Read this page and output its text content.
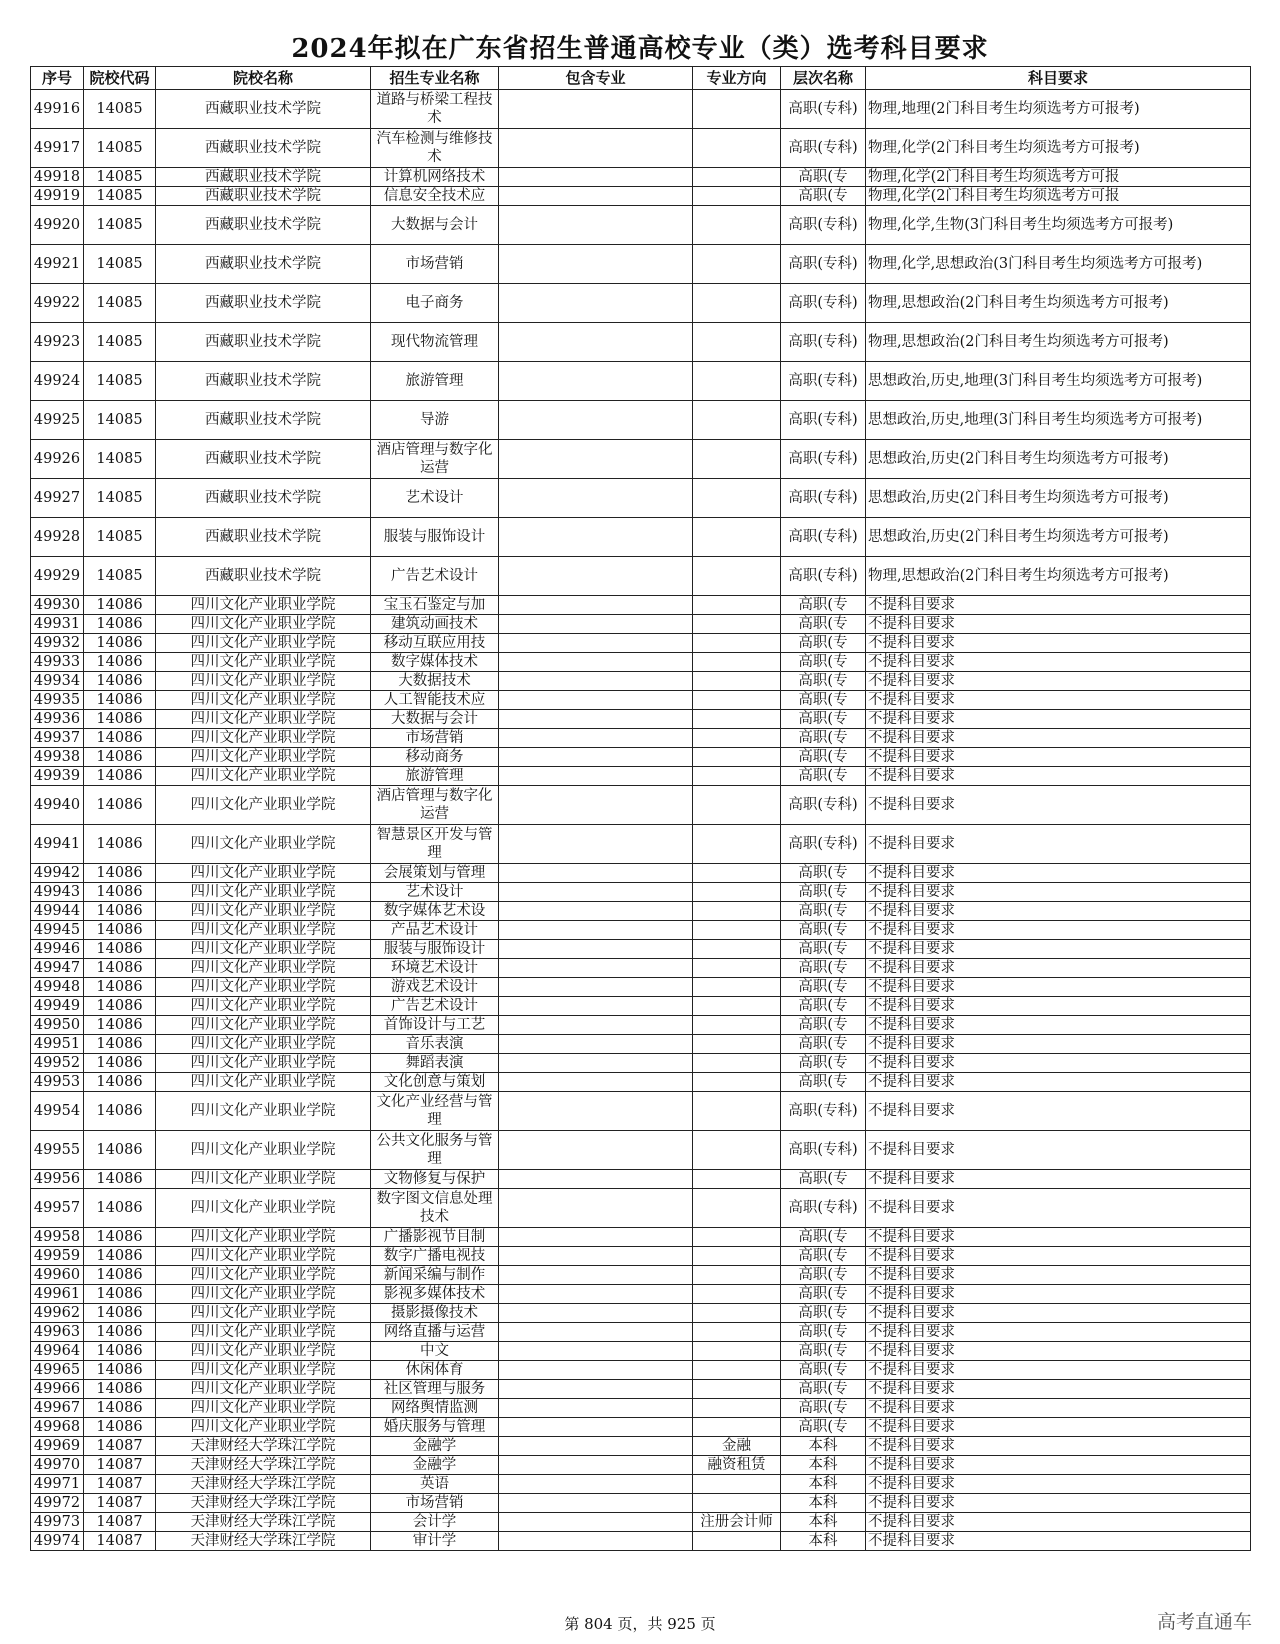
2024年拟在广东省招生普通高校专业（类）选考科目要求
序号	院校代码	院校名称	招生专业名称	包含专业	专业方向	层次名称	科目要求
49916	14085	西藏职业技术学院	道路与桥梁工程技术			高职(专科)	物理,地理(2门科目考生均须选考方可报考)
49917	14085	西藏职业技术学院	汽车检测与维修技术			高职(专科)	物理,化学(2门科目考生均须选考方可报考)
49918	14085	西藏职业技术学院	计算机网络技术			高职(专	物理,化学(2门科目考生均须选考方可报
49919	14085	西藏职业技术学院	信息安全技术应			高职(专	物理,化学(2门科目考生均须选考方可报
49920	14085	西藏职业技术学院	大数据与会计			高职(专科)	物理,化学,生物(3门科目考生均须选考方可报考)
49921	14085	西藏职业技术学院	市场营销			高职(专科)	物理,化学,思想政治(3门科目考生均须选考方可报考)
49922	14085	西藏职业技术学院	电子商务			高职(专科)	物理,思想政治(2门科目考生均须选考方可报考)
49923	14085	西藏职业技术学院	现代物流管理			高职(专科)	物理,思想政治(2门科目考生均须选考方可报考)
49924	14085	西藏职业技术学院	旅游管理			高职(专科)	思想政治,历史,地理(3门科目考生均须选考方可报考)
49925	14085	西藏职业技术学院	导游			高职(专科)	思想政治,历史,地理(3门科目考生均须选考方可报考)
49926	14085	西藏职业技术学院	酒店管理与数字化运营			高职(专科)	思想政治,历史(2门科目考生均须选考方可报考)
49927	14085	西藏职业技术学院	艺术设计			高职(专科)	思想政治,历史(2门科目考生均须选考方可报考)
49928	14085	西藏职业技术学院	服装与服饰设计			高职(专科)	思想政治,历史(2门科目考生均须选考方可报考)
49929	14085	西藏职业技术学院	广告艺术设计			高职(专科)	物理,思想政治(2门科目考生均须选考方可报考)
49930	14086	四川文化产业职业学院	宝玉石鉴定与加			高职(专	不提科目要求
49931	14086	四川文化产业职业学院	建筑动画技术			高职(专	不提科目要求
49932	14086	四川文化产业职业学院	移动互联应用技			高职(专	不提科目要求
49933	14086	四川文化产业职业学院	数字媒体技术			高职(专	不提科目要求
49934	14086	四川文化产业职业学院	大数据技术			高职(专	不提科目要求
49935	14086	四川文化产业职业学院	人工智能技术应			高职(专	不提科目要求
49936	14086	四川文化产业职业学院	大数据与会计			高职(专	不提科目要求
49937	14086	四川文化产业职业学院	市场营销			高职(专	不提科目要求
49938	14086	四川文化产业职业学院	移动商务			高职(专	不提科目要求
49939	14086	四川文化产业职业学院	旅游管理			高职(专	不提科目要求
49940	14086	四川文化产业职业学院	酒店管理与数字化运营			高职(专科)	不提科目要求
49941	14086	四川文化产业职业学院	智慧景区开发与管理			高职(专科)	不提科目要求
49942	14086	四川文化产业职业学院	会展策划与管理			高职(专	不提科目要求
49943	14086	四川文化产业职业学院	艺术设计			高职(专	不提科目要求
49944	14086	四川文化产业职业学院	数字媒体艺术设			高职(专	不提科目要求
49945	14086	四川文化产业职业学院	产品艺术设计			高职(专	不提科目要求
49946	14086	四川文化产业职业学院	服装与服饰设计			高职(专	不提科目要求
49947	14086	四川文化产业职业学院	环境艺术设计			高职(专	不提科目要求
49948	14086	四川文化产业职业学院	游戏艺术设计			高职(专	不提科目要求
49949	14086	四川文化产业职业学院	广告艺术设计			高职(专	不提科目要求
49950	14086	四川文化产业职业学院	首饰设计与工艺			高职(专	不提科目要求
49951	14086	四川文化产业职业学院	音乐表演			高职(专	不提科目要求
49952	14086	四川文化产业职业学院	舞蹈表演			高职(专	不提科目要求
49953	14086	四川文化产业职业学院	文化创意与策划			高职(专	不提科目要求
49954	14086	四川文化产业职业学院	文化产业经营与管理			高职(专科)	不提科目要求
49955	14086	四川文化产业职业学院	公共文化服务与管理			高职(专科)	不提科目要求
49956	14086	四川文化产业职业学院	文物修复与保护			高职(专	不提科目要求
49957	14086	四川文化产业职业学院	数字图文信息处理技术			高职(专科)	不提科目要求
49958	14086	四川文化产业职业学院	广播影视节目制			高职(专	不提科目要求
49959	14086	四川文化产业职业学院	数字广播电视技			高职(专	不提科目要求
49960	14086	四川文化产业职业学院	新闻采编与制作			高职(专	不提科目要求
49961	14086	四川文化产业职业学院	影视多媒体技术			高职(专	不提科目要求
49962	14086	四川文化产业职业学院	摄影摄像技术			高职(专	不提科目要求
49963	14086	四川文化产业职业学院	网络直播与运营			高职(专	不提科目要求
49964	14086	四川文化产业职业学院	中文			高职(专	不提科目要求
49965	14086	四川文化产业职业学院	休闲体育			高职(专	不提科目要求
49966	14086	四川文化产业职业学院	社区管理与服务			高职(专	不提科目要求
49967	14086	四川文化产业职业学院	网络舆情监测			高职(专	不提科目要求
49968	14086	四川文化产业职业学院	婚庆服务与管理			高职(专	不提科目要求
49969	14087	天津财经大学珠江学院	金融学		金融	本科	不提科目要求
49970	14087	天津财经大学珠江学院	金融学		融资租赁	本科	不提科目要求
49971	14087	天津财经大学珠江学院	英语			本科	不提科目要求
49972	14087	天津财经大学珠江学院	市场营销			本科	不提科目要求
49973	14087	天津财经大学珠江学院	会计学		注册会计师	本科	不提科目要求
49974	14087	天津财经大学珠江学院	审计学			本科	不提科目要求
第 804 页，共 925 页	高考直通车
